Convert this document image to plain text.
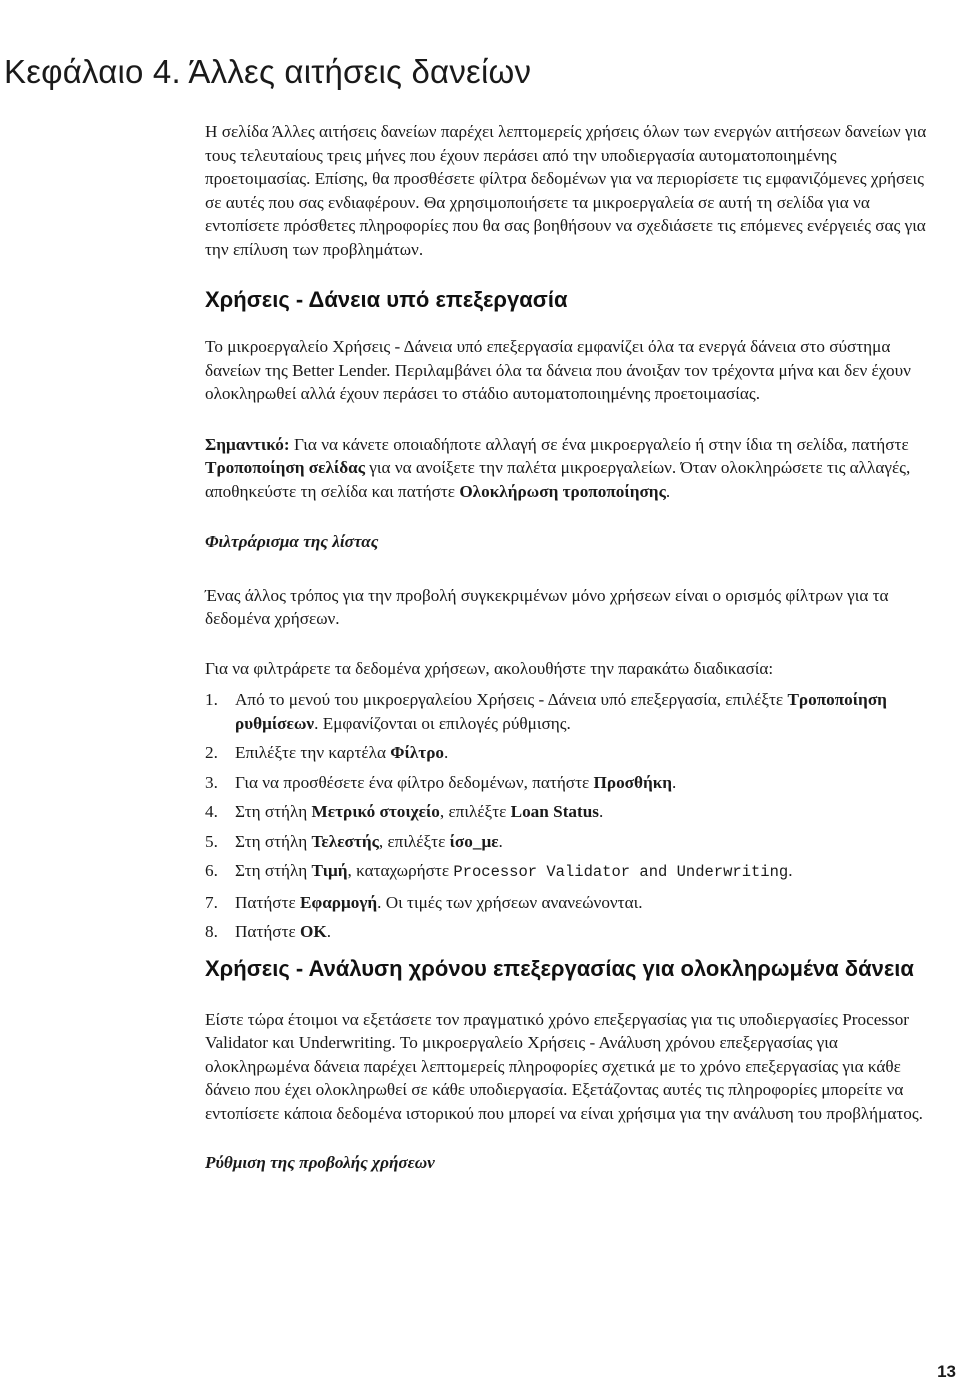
Κεφάλαιο 4. Άλλες αιτήσεις δανείων

Η σελίδα Άλλες αιτήσεις δανείων παρέχει λεπτομερείς χρήσεις όλων των ενεργών αιτήσεων δανείων για τους τελευταίους τρεις μήνες που έχουν περάσει από την υποδιεργασία αυτοματοποιημένης προετοιμασίας. Επίσης, θα προσθέσετε φίλτρα δεδομένων για να περιορίσετε τις εμφανιζόμενες χρήσεις σε αυτές που σας ενδιαφέρουν. Θα χρησιμοποιήσετε τα μικροεργαλεία σε αυτή τη σελίδα για να εντοπίσετε πρόσθετες πληροφορίες που θα σας βοηθήσουν να σχεδιάσετε τις επόμενες ενέργειές σας για την επίλυση των προβλημάτων.

Χρήσεις - Δάνεια υπό επεξεργασία

Το μικροεργαλείο Χρήσεις - Δάνεια υπό επεξεργασία εμφανίζει όλα τα ενεργά δάνεια στο σύστημα δανείων της Better Lender. Περιλαμβάνει όλα τα δάνεια που άνοιξαν τον τρέχοντα μήνα και δεν έχουν ολοκληρωθεί αλλά έχουν περάσει το στάδιο αυτοματοποιημένης προετοιμασίας.

Σημαντικό: Για να κάνετε οποιαδήποτε αλλαγή σε ένα μικροεργαλείο ή στην ίδια τη σελίδα, πατήστε Τροποποίηση σελίδας για να ανοίξετε την παλέτα μικροεργαλείων. Όταν ολοκληρώσετε τις αλλαγές, αποθηκεύστε τη σελίδα και πατήστε Ολοκλήρωση τροποποίησης.

Φιλτράρισμα της λίστας

Ένας άλλος τρόπος για την προβολή συγκεκριμένων μόνο χρήσεων είναι ο ορισμός φίλτρων για τα δεδομένα χρήσεων.

Για να φιλτράρετε τα δεδομένα χρήσεων, ακολουθήστε την παρακάτω διαδικασία:

1. Από το μενού του μικροεργαλείου Χρήσεις - Δάνεια υπό επεξεργασία, επιλέξτε Τροποποίηση ρυθμίσεων. Εμφανίζονται οι επιλογές ρύθμισης.
2. Επιλέξτε την καρτέλα Φίλτρο.
3. Για να προσθέσετε ένα φίλτρο δεδομένων, πατήστε Προσθήκη.
4. Στη στήλη Μετρικό στοιχείο, επιλέξτε Loan Status.
5. Στη στήλη Τελεστής, επιλέξτε ίσο_με.
6. Στη στήλη Τιμή, καταχωρήστε Processor Validator and Underwriting.
7. Πατήστε Εφαρμογή. Οι τιμές των χρήσεων ανανεώνονται.
8. Πατήστε OK.
Χρήσεις - Ανάλυση χρόνου επεξεργασίας για ολοκληρωμένα δάνεια

Είστε τώρα έτοιμοι να εξετάσετε τον πραγματικό χρόνο επεξεργασίας για τις υποδιεργασίες Processor Validator και Underwriting. Το μικροεργαλείο Χρήσεις - Ανάλυση χρόνου επεξεργασίας για ολοκληρωμένα δάνεια παρέχει λεπτομερείς πληροφορίες σχετικά με το χρόνο επεξεργασίας για κάθε δάνειο που έχει ολοκληρωθεί σε κάθε υποδιεργασία. Εξετάζοντας αυτές τις πληροφορίες μπορείτε να εντοπίσετε κάποια δεδομένα ιστορικού που μπορεί να είναι χρήσιμα για την ανάλυση του προβλήματος.

Ρύθμιση της προβολής χρήσεων

13
